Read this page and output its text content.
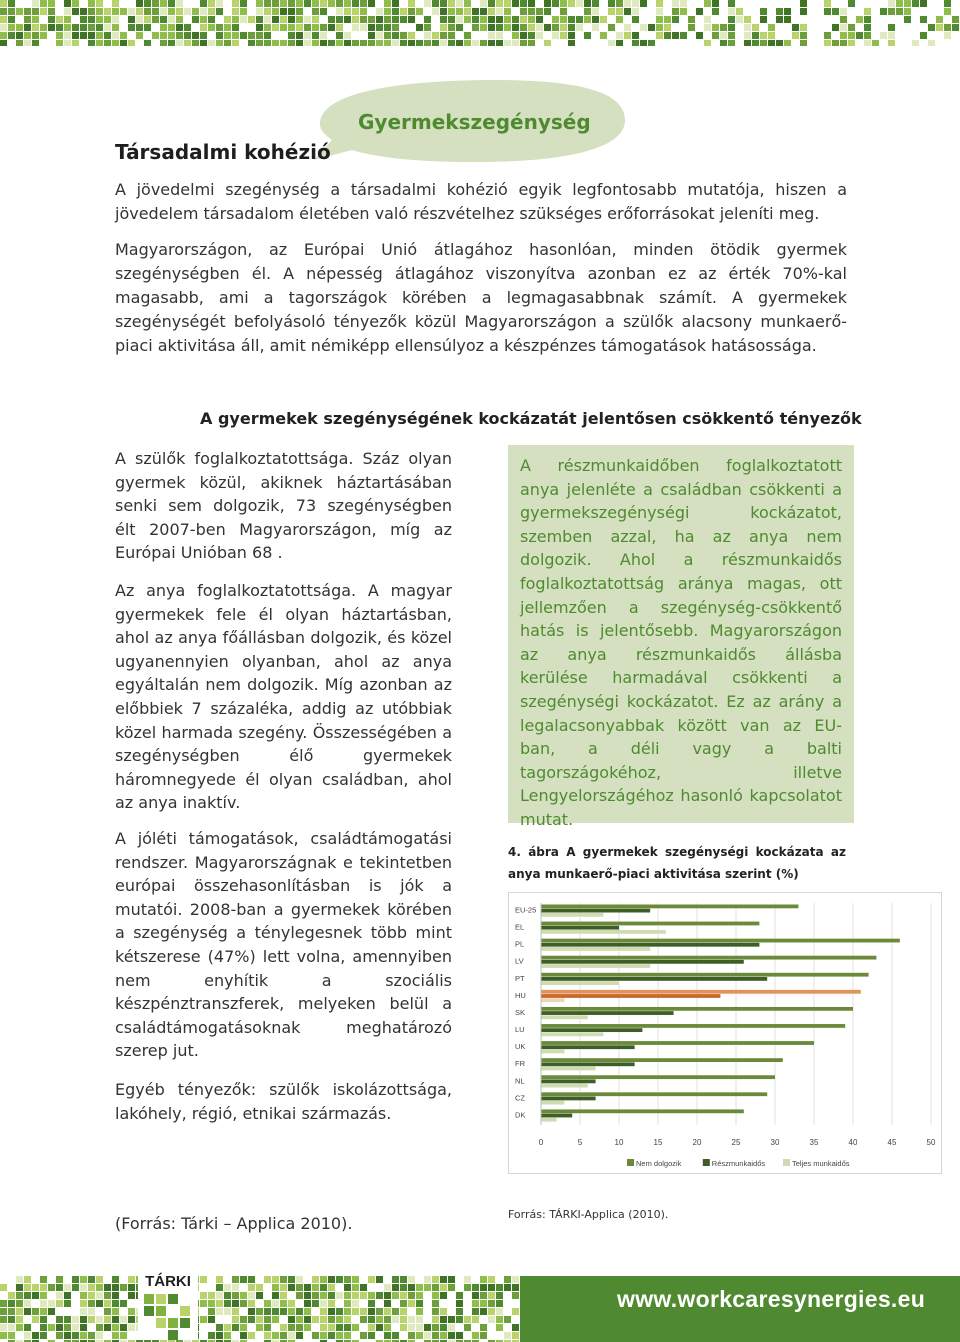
Gyermekszegénység
Társadalmi kohézió

A jövedelmi szegénység a társadalmi kohézió egyik legfontosabb mutatója, hiszen a jövedelem társadalom életében való részvételhez szükséges erőforrásokat jeleníti meg.

Magyarországon, az Európai Unió átlagához hasonlóan, minden ötödik gyermek szegénységben él. A népesség átlagához viszonyítva azonban ez az érték 70%-kal magasabb, ami a tagországok körében a legmagasabbnak számít. A gyermekek szegénységét befolyásoló tényezők közül Magyarországon a szülők alacsony munkaerő-piaci aktivitása áll, amit némiképp ellensúlyoz a készpénzes támogatások hatásossága.

A gyermekek szegénységének kockázatát jelentősen csökkentő tényezők

A szülők foglalkoztatottsága. Száz olyan gyermek közül, akiknek háztartásában senki sem dolgozik, 73 szegénységben élt 2007-ben Magyarországon, míg az Európai Unióban 68 .

Az anya foglalkoztatottsága. A magyar gyermekek fele él olyan háztartásban, ahol az anya főállásban dolgozik, és közel ugyanennyien olyanban, ahol az anya egyáltalán nem dolgozik. Míg azonban az előbbiek 7 százaléka, addig az utóbbiak közel harmada szegény. Összességében a szegénységben élő gyermekek háromnegyede él olyan családban, ahol az anya inaktív.

A jóléti támogatások, családtámogatási rendszer. Magyarországnak e tekintetben európai összehasonlításban is jók a mutatói. 2008-ban a gyermekek körében a szegénység a ténylegesnek több mint kétszerese (47%) lett volna, amennyiben nem enyhítik a szociális készpénztranszferek, melyeken belül a családtámogatásoknak meghatározó szerep jut.

Egyéb tényezők: szülők iskolázottsága, lakóhely, régió, etnikai származás.

(Forrás: Tárki – Applica 2010).

A részmunkaidőben foglalkoztatott anya jelenléte a családban csökkenti a gyermekszegénységi kockázatot, szemben azzal, ha az anya nem dolgozik. Ahol a részmunkaidős foglalkoztatottság aránya magas, ott jellemzően a szegénység-csökkentő hatás is jelentősebb. Magyarországon az anya részmunkaidős állásba kerülése harmadával csökkenti a szegénységi kockázatot. Ez az arány a legalacsonyabbak között van az EU-ban, a déli vagy a balti tagországokéhoz, illetve Lengyelországéhoz hasonló kapcsolatot mutat.

4. ábra A gyermekek szegénységi kockázata az anya munkaerő-piaci aktivitása szerint (%)
0	5	10	15	20	25	30	35	40	45	50
EU-25
EL
PL
LV
PT
HU
SK
LU
UK
FR
NL
CZ
DK
Nem dolgozik	Részmunkaidős	Teljes munkaidős
Forrás: TÁRKI-Applica (2010).
TÁRKI
www.workcaresynergies.eu
